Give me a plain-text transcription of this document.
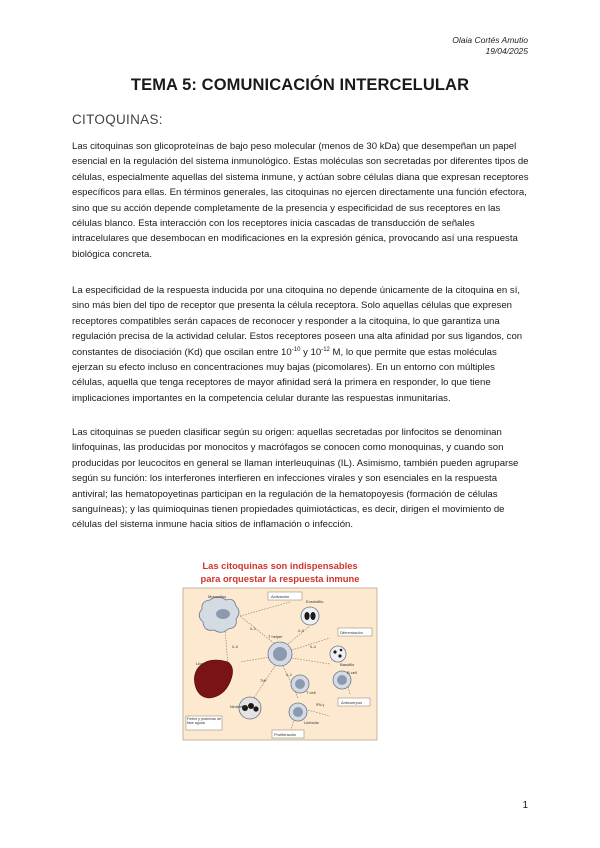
Olaia Cortés Amutio
19/04/2025
TEMA 5: COMUNICACIÓN INTERCELULAR
CITOQUINAS:

Las citoquinas son glicoproteínas de bajo peso molecular (menos de 30 kDa) que desempeñan un papel esencial en la regulación del sistema inmunológico. Estas moléculas son secretadas por diferentes tipos de células, especialmente aquellas del sistema inmune, y actúan sobre células diana que expresan receptores específicos para ellas. En términos generales, las citoquinas no ejercen directamente una función efectora, sino que su acción depende completamente de la presencia y especificidad de sus receptores en las células blanco. Esta interacción con los receptores inicia cascadas de transducción de señales intracelulares que desembocan en modificaciones en la expresión génica, provocando así una respuesta biológica concreta.

La especificidad de la respuesta inducida por una citoquina no depende únicamente de la citoquina en sí, sino más bien del tipo de receptor que presenta la célula receptora. Solo aquellas células que expresen receptores compatibles serán capaces de reconocer y responder a la citoquina, lo que garantiza una regulación precisa de la actividad celular. Estos receptores poseen una alta afinidad por sus ligandos, con constantes de disociación (Kd) que oscilan entre $10^{-10}$ y $10^{-12}$ M, lo que permite que estas moléculas ejerzan su efecto incluso en concentraciones muy bajas (picomolares). En un entorno con múltiples células, aquella que tenga receptores de mayor afinidad será la primera en responder, lo que tiene implicaciones importantes en la competencia celular durante las respuestas inmunitarias.

Las citoquinas se pueden clasificar según su origen: aquellas secretadas por linfocitos se denominan linfoquinas, las producidas por monocitos y macrófagos se conocen como monoquinas, y cuando son producidas por leucocitos en general se llaman interleuquinas (IL). Asimismo, también pueden agruparse según su función: los interferones interfieren en infecciones virales y son esenciales en la respuesta antiviral; las hematopoyetinas participan en la regulación de la hematopoyesis (formación de células sanguíneas); y las quimioquinas tienen propiedades quimiotácticas, es decir, dirigen el movimiento de células del sistema inmune hacia sitios de inflamación o infección.

Las citoquinas son indispensables
para orquestar la respuesta inmune
Monocitos
Liver
T helper
Eosinófilo
Activación
Diferenciación
Basófilo
B cell
Anticuerpos
Neutrófilo
T cell
Linfocito
Fiebre y proteínas de fase aguda
Proliferación
IL-1
IL-6
IL-5
IL-4
IL-2
TNF
IFN-γ
1
